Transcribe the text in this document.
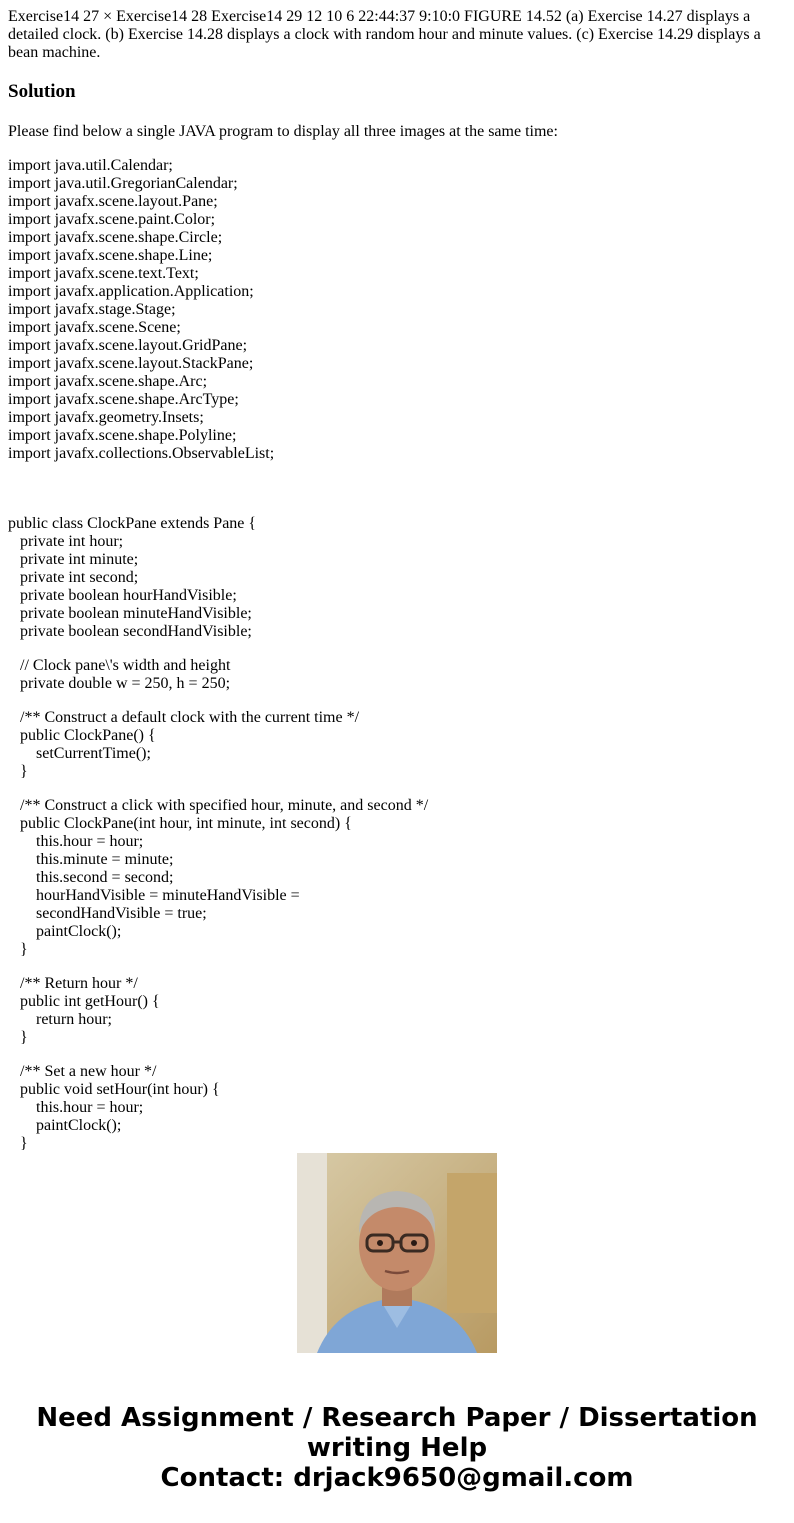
Exercise14 27 × Exercise14 28 Exercise14 29 12 10 6 22:44:37 9:10:0 FIGURE 14.52 (a) Exercise 14.27 displays a detailed clock. (b) Exercise 14.28 displays a clock with random hour and minute values. (c) Exercise 14.29 displays a bean machine.

Solution

Please find below a single JAVA program to display all three images at the same time:

import java.util.Calendar;
import java.util.GregorianCalendar;
import javafx.scene.layout.Pane;
import javafx.scene.paint.Color;
import javafx.scene.shape.Circle;
import javafx.scene.shape.Line;
import javafx.scene.text.Text;
import javafx.application.Application;
import javafx.stage.Stage;
import javafx.scene.Scene;
import javafx.scene.layout.GridPane;
import javafx.scene.layout.StackPane;
import javafx.scene.shape.Arc;
import javafx.scene.shape.ArcType;
import javafx.geometry.Insets;
import javafx.scene.shape.Polyline;
import javafx.collections.ObservableList;
public class ClockPane extends Pane {
private int hour;
private int minute;
private int second;
private boolean hourHandVisible;
private boolean minuteHandVisible;
private boolean secondHandVisible;
// Clock pane\'s width and height
private double w = 250, h = 250;
/** Construct a default clock with the current time */
public ClockPane() {
setCurrentTime();
}
/** Construct a click with specified hour, minute, and second */
public ClockPane(int hour, int minute, int second) {
this.hour = hour;
this.minute = minute;
this.second = second;
hourHandVisible = minuteHandVisible =
secondHandVisible = true;
paintClock();
}
/** Return hour */
public int getHour() {
return hour;
}
/** Set a new hour */
public void setHour(int hour) {
this.hour = hour;
paintClock();
}
Need Assignment / Research Paper / Dissertation
writing Help
Contact: drjack9650@gmail.com
